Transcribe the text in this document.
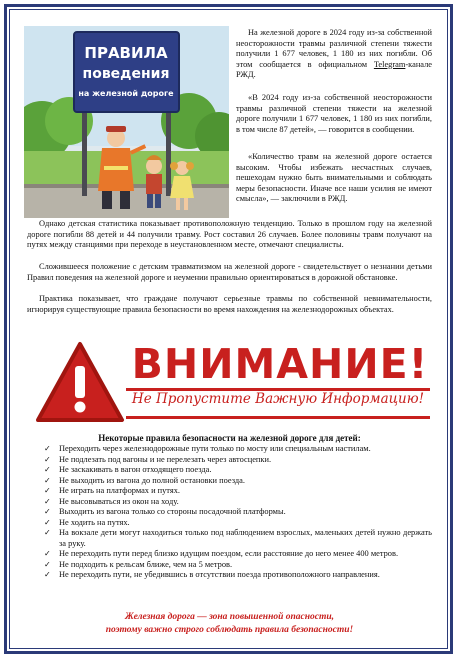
ПРАВИЛА
поведения
на железной дороге

На железной дороге в 2024 году из-за собственной неосторожности травмы различной степени тяжести получили 1 677 человек, 1 180 из них погибли. Об этом сообщается в официальном Telegram-канале РЖД.

«В 2024 году из-за собственной неосторожности травмы различной степени тяжести на железной дороге получили 1 677 человек, 1 180 из них погибли, в том числе 87 детей», — говорится в сообщении.

«Количество травм на железной дороге остается высоким. Чтобы избежать несчастных случаев, пешеходам нужно быть внимательными и соблюдать меры безопасности. Иначе все наши усилия не имеют смысла», — заключили в РЖД.

Однако детская статистика показывает противоположную тенденцию. Только в прошлом году на железной дороге погибли 88 детей и 44 получили травму. Рост составил 26 случаев. Более половины травм получают на путях между станциями при переходе в неустановленном месте, отмечают специалисты.

Сложившееся положение с детским травматизмом на железной дороге - свидетельствует о незнании детьми Правил поведения на железной дороге и неумении правильно ориентироваться в дорожной обстановке.

Практика показывает, что граждане получают серьезные травмы по собственной невнимательности, игнорируя существующие правила безопасности во время нахождения на железнодорожных объектах.

ВНИМАНИЕ!
Не Пропустите Важную Информацию!
Некоторые правила безопасности на железной дороге для детей:
✓ Переходить через железнодорожные пути только по мосту или специальным настилам.
✓ Не подлезать под вагоны и не перелезать через автосцепки.
✓ Не заскакивать в вагон отходящего поезда.
✓ Не выходить из вагона до полной остановки поезда.
✓ Не играть на платформах и путях.
✓ Не высовываться из окон на ходу.
✓ Выходить из вагона только со стороны посадочной платформы.
✓ Не ходить на путях.
✓ На вокзале дети могут находиться только под наблюдением взрослых, маленьких детей нужно держать за руку.
✓ Не переходить пути перед близко идущим поездом, если расстояние до него менее 400 метров.
✓ Не подходить к рельсам ближе, чем на 5 метров.
✓ Не переходить пути, не убедившись в отсутствии поезда противоположного направления.
Железная дорога — зона повышенной опасности,
поэтому важно строго соблюдать правила безопасности!
